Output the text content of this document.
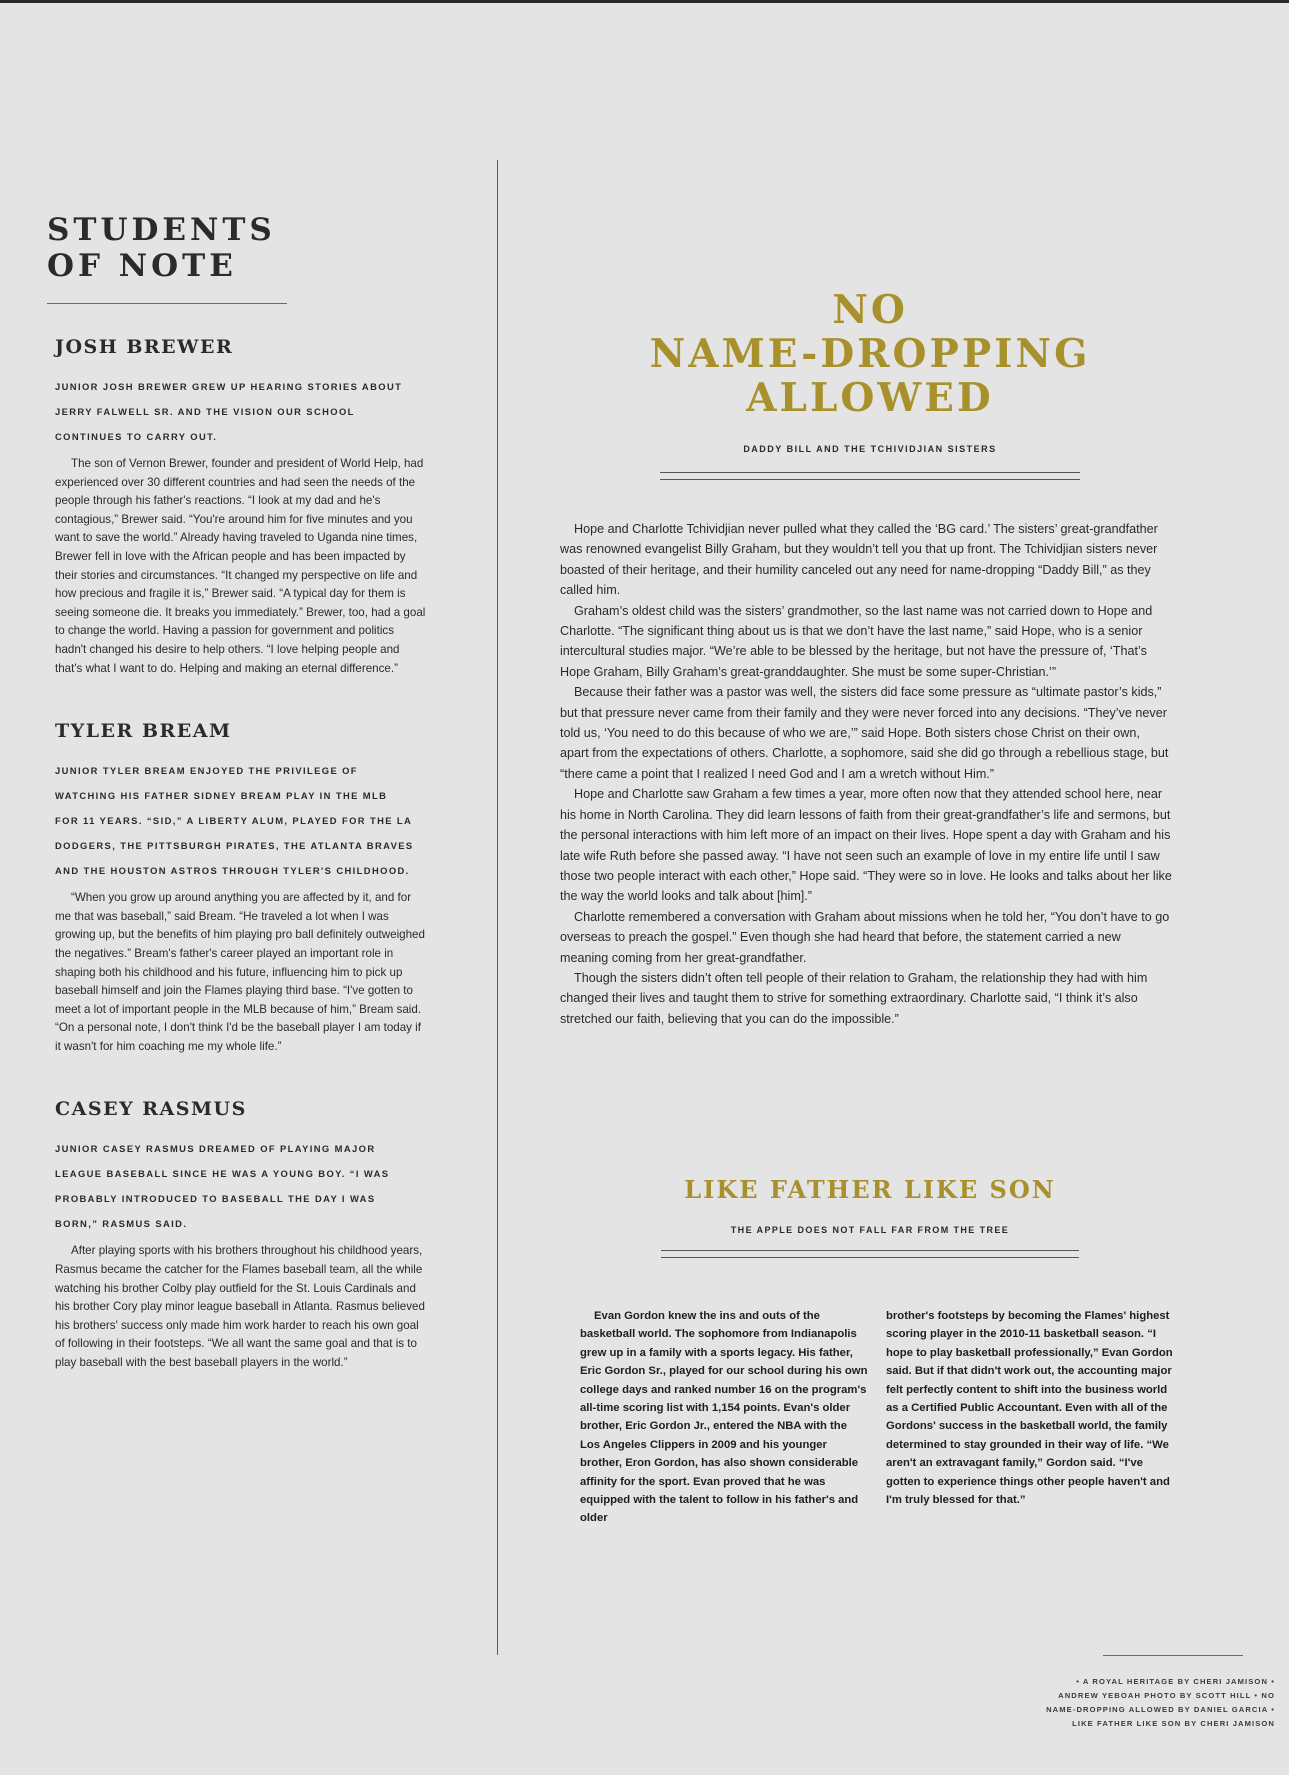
STUDENTS
OF NOTE
JOSH BREWER

JUNIOR JOSH BREWER GREW UP HEARING STORIES ABOUT JERRY FALWELL SR. AND THE VISION OUR SCHOOL CONTINUES TO CARRY OUT.

The son of Vernon Brewer, founder and president of World Help, had experienced over 30 different countries and had seen the needs of the people through his father's reactions. “I look at my dad and he's contagious,” Brewer said. “You're around him for five minutes and you want to save the world.” Already having traveled to Uganda nine times, Brewer fell in love with the African people and has been impacted by their stories and circumstances. “It changed my perspective on life and how precious and fragile it is,” Brewer said. “A typical day for them is seeing someone die. It breaks you immediately.” Brewer, too, had a goal to change the world. Having a passion for government and politics hadn't changed his desire to help others. “I love helping people and that's what I want to do. Helping and making an eternal difference.”

TYLER BREAM

JUNIOR TYLER BREAM ENJOYED THE PRIVILEGE OF WATCHING HIS FATHER SIDNEY BREAM PLAY IN THE MLB FOR 11 YEARS. “SID,” A LIBERTY ALUM, PLAYED FOR THE LA DODGERS, THE PITTSBURGH PIRATES, THE ATLANTA BRAVES AND THE HOUSTON ASTROS THROUGH TYLER'S CHILDHOOD.

“When you grow up around anything you are affected by it, and for me that was baseball,” said Bream. “He traveled a lot when I was growing up, but the benefits of him playing pro ball definitely outweighed the negatives.” Bream's father's career played an important role in shaping both his childhood and his future, influencing him to pick up baseball himself and join the Flames playing third base. “I've gotten to meet a lot of important people in the MLB because of him,” Bream said. “On a personal note, I don't think I'd be the baseball player I am today if it wasn't for him coaching me my whole life.”

CASEY RASMUS

JUNIOR CASEY RASMUS DREAMED OF PLAYING MAJOR LEAGUE BASEBALL SINCE HE WAS A YOUNG BOY. “I WAS PROBABLY INTRODUCED TO BASEBALL THE DAY I WAS BORN,” RASMUS SAID.

After playing sports with his brothers throughout his childhood years, Rasmus became the catcher for the Flames baseball team, all the while watching his brother Colby play outfield for the St. Louis Cardinals and his brother Cory play minor league baseball in Atlanta. Rasmus believed his brothers' success only made him work harder to reach his own goal of following in their footsteps. “We all want the same goal and that is to play baseball with the best baseball players in the world.”

NO
NAME-DROPPING
ALLOWED
DADDY BILL AND THE TCHIVIDJIAN SISTERS

Hope and Charlotte Tchividjian never pulled what they called the ‘BG card.’ The sisters’ great-grandfather was renowned evangelist Billy Graham, but they wouldn’t tell you that up front. The Tchividjian sisters never boasted of their heritage, and their humility canceled out any need for name-dropping “Daddy Bill,” as they called him.

Graham’s oldest child was the sisters’ grandmother, so the last name was not carried down to Hope and Charlotte. “The significant thing about us is that we don’t have the last name,” said Hope, who is a senior intercultural studies major. “We’re able to be blessed by the heritage, but not have the pressure of, ‘That’s Hope Graham, Billy Graham’s great-granddaughter. She must be some super-Christian.’”

Because their father was a pastor was well, the sisters did face some pressure as “ultimate pastor’s kids,” but that pressure never came from their family and they were never forced into any decisions. “They’ve never told us, ‘You need to do this because of who we are,’” said Hope. Both sisters chose Christ on their own, apart from the expectations of others. Charlotte, a sophomore, said she did go through a rebellious stage, but “there came a point that I realized I need God and I am a wretch without Him.”

Hope and Charlotte saw Graham a few times a year, more often now that they attended school here, near his home in North Carolina. They did learn lessons of faith from their great-grandfather’s life and sermons, but the personal interactions with him left more of an impact on their lives. Hope spent a day with Graham and his late wife Ruth before she passed away. “I have not seen such an example of love in my entire life until I saw those two people interact with each other,” Hope said. “They were so in love. He looks and talks about her like the way the world looks and talk about [him].”

Charlotte remembered a conversation with Graham about missions when he told her, “You don’t have to go overseas to preach the gospel.” Even though she had heard that before, the statement carried a new meaning coming from her great-grandfather.

Though the sisters didn’t often tell people of their relation to Graham, the relationship they had with him changed their lives and taught them to strive for something extraordinary. Charlotte said, “I think it’s also stretched our faith, believing that you can do the impossible.”

LIKE FATHER LIKE SON
THE APPLE DOES NOT FALL FAR FROM THE TREE
Evan Gordon knew the ins and outs of the basketball world. The sophomore from Indianapolis grew up in a family with a sports legacy. His father, Eric Gordon Sr., played for our school during his own college days and ranked number 16 on the program's all-time scoring list with 1,154 points. Evan's older brother, Eric Gordon Jr., entered the NBA with the Los Angeles Clippers in 2009 and his younger brother, Eron Gordon, has also shown considerable affinity for the sport. Evan proved that he was equipped with the talent to follow in his father's and older
brother's footsteps by becoming the Flames' highest scoring player in the 2010-11 basketball season. “I hope to play basketball professionally,” Evan Gordon said. But if that didn't work out, the accounting major felt perfectly content to shift into the business world as a Certified Public Accountant. Even with all of the Gordons' success in the basketball world, the family determined to stay grounded in their way of life. “We aren't an extravagant family,” Gordon said. “I've gotten to experience things other people haven't and I'm truly blessed for that.”
• A ROYAL HERITAGE BY CHERI JAMISON •
ANDREW YEBOAH PHOTO BY SCOTT HILL • NO
NAME-DROPPING ALLOWED BY DANIEL GARCIA •
LIKE FATHER LIKE SON BY CHERI JAMISON
